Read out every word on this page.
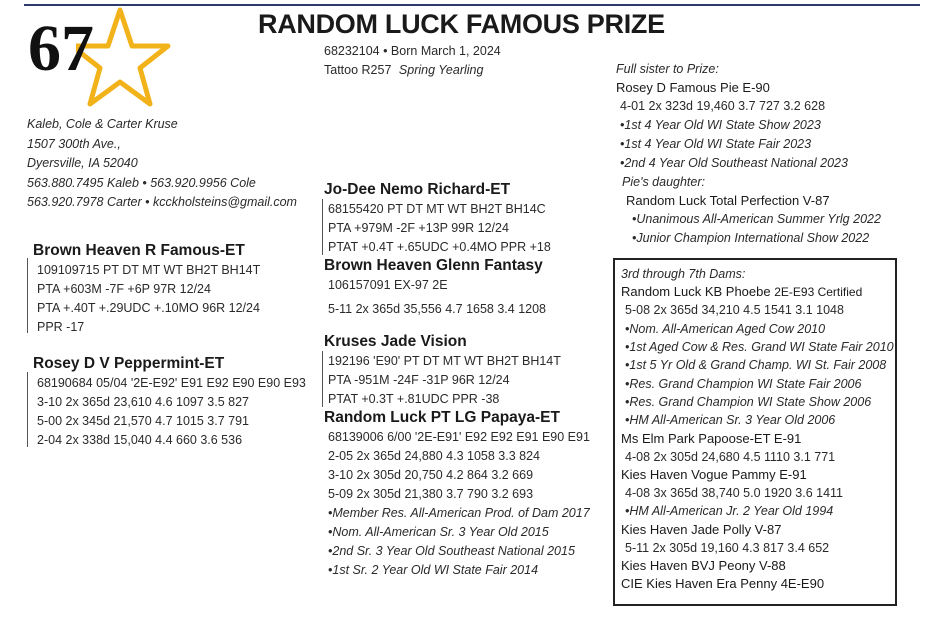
67	RANDOM LUCK FAMOUS PRIZE
68232104 • Born March 1, 2024
Tattoo R257 Spring Yearling
Kaleb, Cole & Carter Kruse
1507 300th Ave.,
Dyersville, IA 52040
563.880.7495 Kaleb • 563.920.9956 Cole
563.920.7978 Carter • kcckholsteins@gmail.com
Brown Heaven R Famous-ET
109109715 PT DT MT WT BH2T BH14T
PTA +603M -7F +6P 97R 12/24
PTA +.40T +.29UDC +.10MO 96R 12/24
PPR -17
Rosey D V Peppermint-ET
68190684 05/04 '2E-E92' E91 E92 E90 E90 E93
3-10 2x 365d 23,610 4.6 1097 3.5 827
5-00 2x 345d 21,570 4.7 1015 3.7 791
2-04 2x 338d 15,040 4.4 660 3.6 536
Jo-Dee Nemo Richard-ET
68155420 PT DT MT WT BH2T BH14C
PTA +979M -2F +13P 99R 12/24
PTAT +0.4T +.65UDC +0.4MO PPR +18
Brown Heaven Glenn Fantasy
106157091 EX-97 2E
5-11 2x 365d 35,556 4.7 1658 3.4 1208
Kruses Jade Vision
192196 'E90' PT DT MT WT BH2T BH14T
PTA -951M -24F -31P 96R 12/24
PTAT +0.3T +.81UDC PPR -38
Random Luck PT LG Papaya-ET
68139006 6/00 '2E-E91' E92 E92 E91 E90 E91
2-05 2x 365d 24,880 4.3 1058 3.3 824
3-10 2x 305d 20,750 4.2 864 3.2 669
5-09 2x 305d 21,380 3.7 790 3.2 693
•Member Res. All-American Prod. of Dam 2017
•Nom. All-American Sr. 3 Year Old 2015
•2nd Sr. 3 Year Old Southeast National 2015
•1st Sr. 2 Year Old WI State Fair 2014
Full sister to Prize:
Rosey D Famous Pie E-90
4-01 2x 323d 19,460 3.7 727 3.2 628
•1st 4 Year Old WI State Show 2023
•1st 4 Year Old WI State Fair 2023
•2nd 4 Year Old Southeast National 2023
Pie's daughter:
Random Luck Total Perfection V-87
•Unanimous All-American Summer Yrlg 2022
•Junior Champion International Show 2022
3rd through 7th Dams:
Random Luck KB Phoebe 2E-E93 Certified
5-08 2x 365d 34,210 4.5 1541 3.1 1048
•Nom. All-American Aged Cow 2010
•1st Aged Cow & Res. Grand WI State Fair 2010
•1st 5 Yr Old & Grand Champ. WI St. Fair 2008
•Res. Grand Champion WI State Fair 2006
•Res. Grand Champion WI State Show 2006
•HM All-American Sr. 3 Year Old 2006
Ms Elm Park Papoose-ET E-91
4-08 2x 305d 24,680 4.5 1110 3.1 771
Kies Haven Vogue Pammy E-91
4-08 3x 365d 38,740 5.0 1920 3.6 1411
•HM All-American Jr. 2 Year Old 1994
Kies Haven Jade Polly V-87
5-11 2x 305d 19,160 4.3 817 3.4 652
Kies Haven BVJ Peony V-88
CIE Kies Haven Era Penny 4E-E90
